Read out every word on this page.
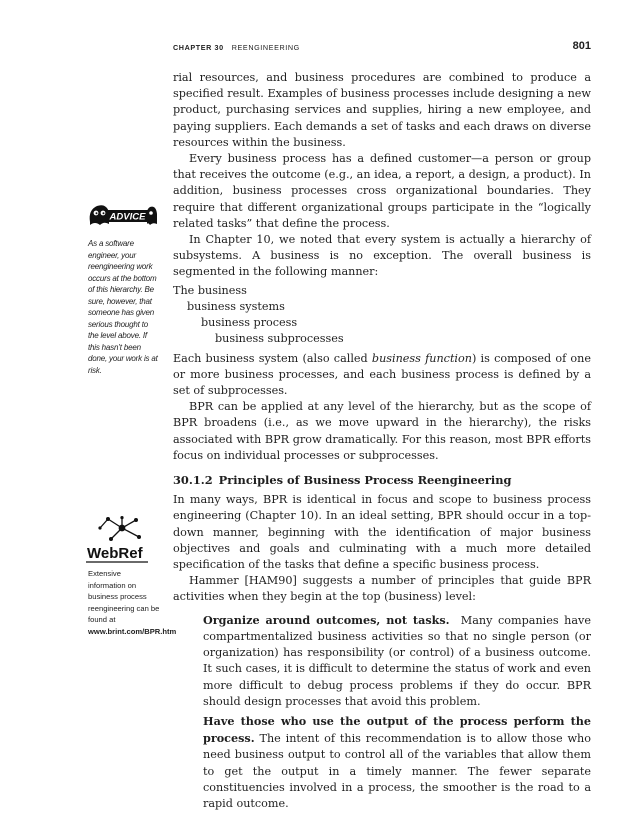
CHAPTER 30 REENGINEERING	801
ADVICE
As a software engineer, your reengineering work occurs at the bottom of this hierarchy. Be sure, however, that someone has given serious thought to the level above. If this hasn’t been done, your work is at risk.
WebRef
Extensive information on business process reengineering can be found at
www.brint.com/BPR.htm

rial resources, and business procedures are combined to produce a specified result. Examples of business processes include designing a new product, purchasing services and supplies, hiring a new employee, and paying suppliers. Each demands a set of tasks and each draws on diverse resources within the business.

Every business process has a defined customer—a person or group that receives the outcome (e.g., an idea, a report, a design, a product). In addition, business processes cross organizational boundaries. They require that different organizational groups participate in the “logically related tasks” that define the process.

In Chapter 10, we noted that every system is actually a hierarchy of subsystems. A business is no exception. The overall business is segmented in the following manner:

The business
business systems
business process
business subprocesses

Each business system (also called business function) is composed of one or more business processes, and each business process is defined by a set of subprocesses.

BPR can be applied at any level of the hierarchy, but as the scope of BPR broadens (i.e., as we move upward in the hierarchy), the risks associated with BPR grow dramatically. For this reason, most BPR efforts focus on individual processes or subprocesses.

30.1.2 Principles of Business Process Reengineering

In many ways, BPR is identical in focus and scope to business process engineering (Chapter 10). In an ideal setting, BPR should occur in a top-down manner, beginning with the identification of major business objectives and goals and culminating with a much more detailed specification of the tasks that define a specific business process.

Hammer [HAM90] suggests a number of principles that guide BPR activities when they begin at the top (business) level:

Organize around outcomes, not tasks. Many companies have compartmentalized business activities so that no single person (or organization) has responsibility (or control) of a business outcome. It such cases, it is difficult to determine the status of work and even more difficult to debug process problems if they do occur. BPR should design processes that avoid this problem.

Have those who use the output of the process perform the process. The intent of this recommendation is to allow those who need business output to control all of the variables that allow them to get the output in a timely manner. The fewer separate constituencies involved in a process, the smoother is the road to a rapid outcome.
